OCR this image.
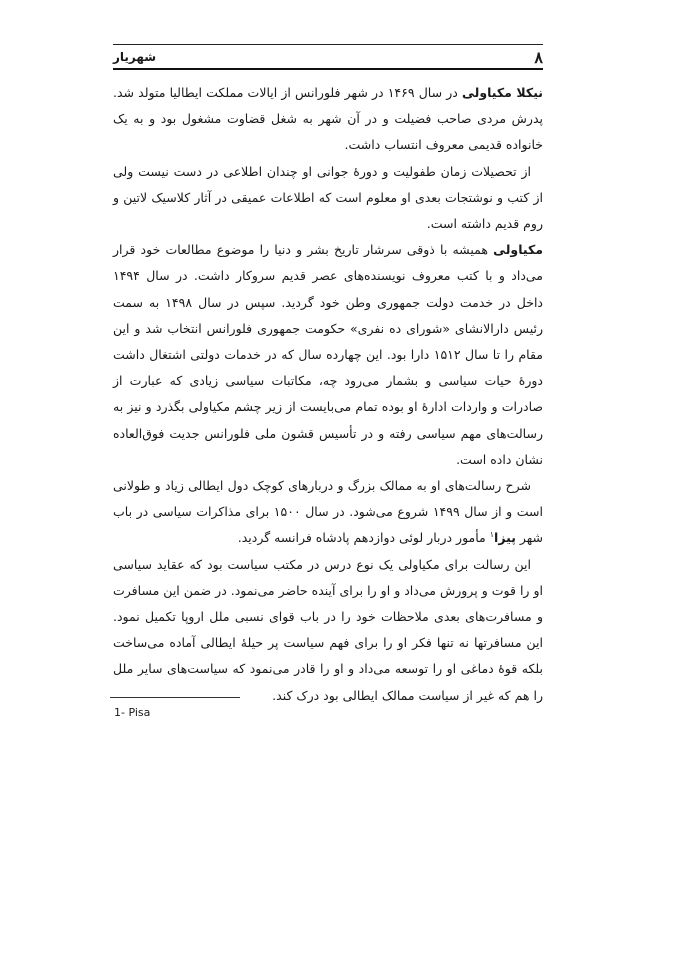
شهریار	۸

نیکلا مکیاولی در سال ۱۴۶۹ در شهر فلورانس از ایالات مملکت ایطالیا متولد شد. پدرش مردی صاحب فضیلت و در آن شهر به شغل قضاوت مشغول بود و به یک خانواده قدیمی معروف انتساب داشت.

از تحصیلات زمان طفولیت و دورهٔ جوانی او چندان اطلاعی در دست نیست ولی از کتب و نوشتجات بعدی او معلوم است که اطلاعات عمیقی در آثار کلاسیک لاتین و روم قدیم داشته است.

مکیاولی همیشه با ذوقی سرشار تاریخ بشر و دنیا را موضوع مطالعات خود قرار می‌داد و با کتب معروف نویسنده‌های عصر قدیم سروکار داشت. در سال ۱۴۹۴ داخل در خدمت دولت جمهوری وطن خود گردید. سپس در سال ۱۴۹۸ به سمت رئیس دارالانشای «شورای ده نفری» حکومت جمهوری فلورانس انتخاب شد و این مقام را تا سال ۱۵۱۲ دارا بود. این چهارده سال که در خدمات دولتی اشتغال داشت دورهٔ حیات سیاسی و بشمار می‌رود چه، مکاتبات سیاسی زیادی که عبارت از صادرات و واردات ادارهٔ او بوده تمام می‌بایست از زیر چشم مکیاولی بگذرد و نیز به رسالت‌های مهم سیاسی رفته و در تأسیس قشون ملی فلورانس جدیت فوق‌العاده نشان داده است.

شرح رسالت‌های او به ممالک بزرگ و دربارهای کوچک دول ایطالی زیاد و طولانی است و از سال ۱۴۹۹ شروع می‌شود. در سال ۱۵۰۰ برای مذاکرات سیاسی در باب شهر پیزا$^۱$ مأمور دربار لوئی دوازدهم پادشاه فرانسه گردید.

این رسالت برای مکیاولی یک نوع درس در مکتب سیاست بود که عقاید سیاسی او را قوت و پرورش می‌داد و او را برای آینده حاضر می‌نمود. در ضمن این مسافرت و مسافرت‌های بعدی ملاحظات خود را در باب قوای نسبی ملل اروپا تکمیل نمود. این مسافرتها نه تنها فکر او را برای فهم سیاست پر حیلهٔ ایطالی آماده می‌ساخت بلکه قوهٔ دماغی او را توسعه می‌داد و او را قادر می‌نمود که سیاست‌های سایر ملل را هم که غیر از سیاست ممالک ایطالی بود درک کند.

1- Pisa
